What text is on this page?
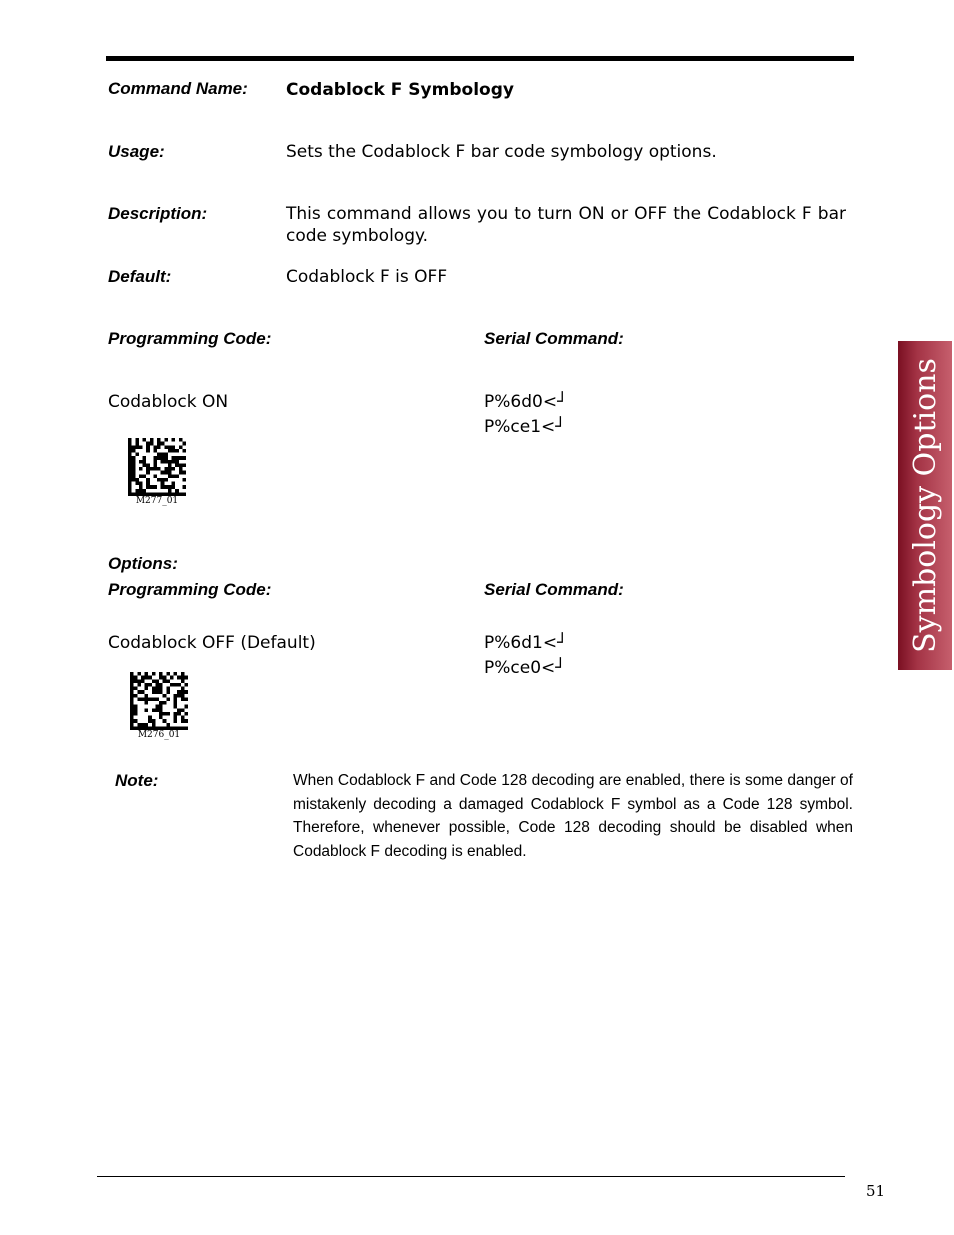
Command Name: Codablock F Symbology
Usage:	Sets the Codablock F bar code symbology options.
Description:	This command allows you to turn ON or OFF the Codablock F bar code symbology.
Default:	Codablock F is OFF
Programming Code:	Serial Command:
Codablock ON	P%6d0<┘
P%ce1<┘
M277_01
Options:
Programming Code:	Serial Command:
Codablock OFF (Default)	P%6d1<┘
P%ce0<┘
M276_01
Note:	When Codablock F and Code 128 decoding are enabled, there is some danger of mistakenly decoding a damaged Codablock F symbol as a Code 128 symbol. Therefore, whenever possible, Code 128 decoding should be disabled when Codablock F decoding is enabled.
Symbology Options
51
